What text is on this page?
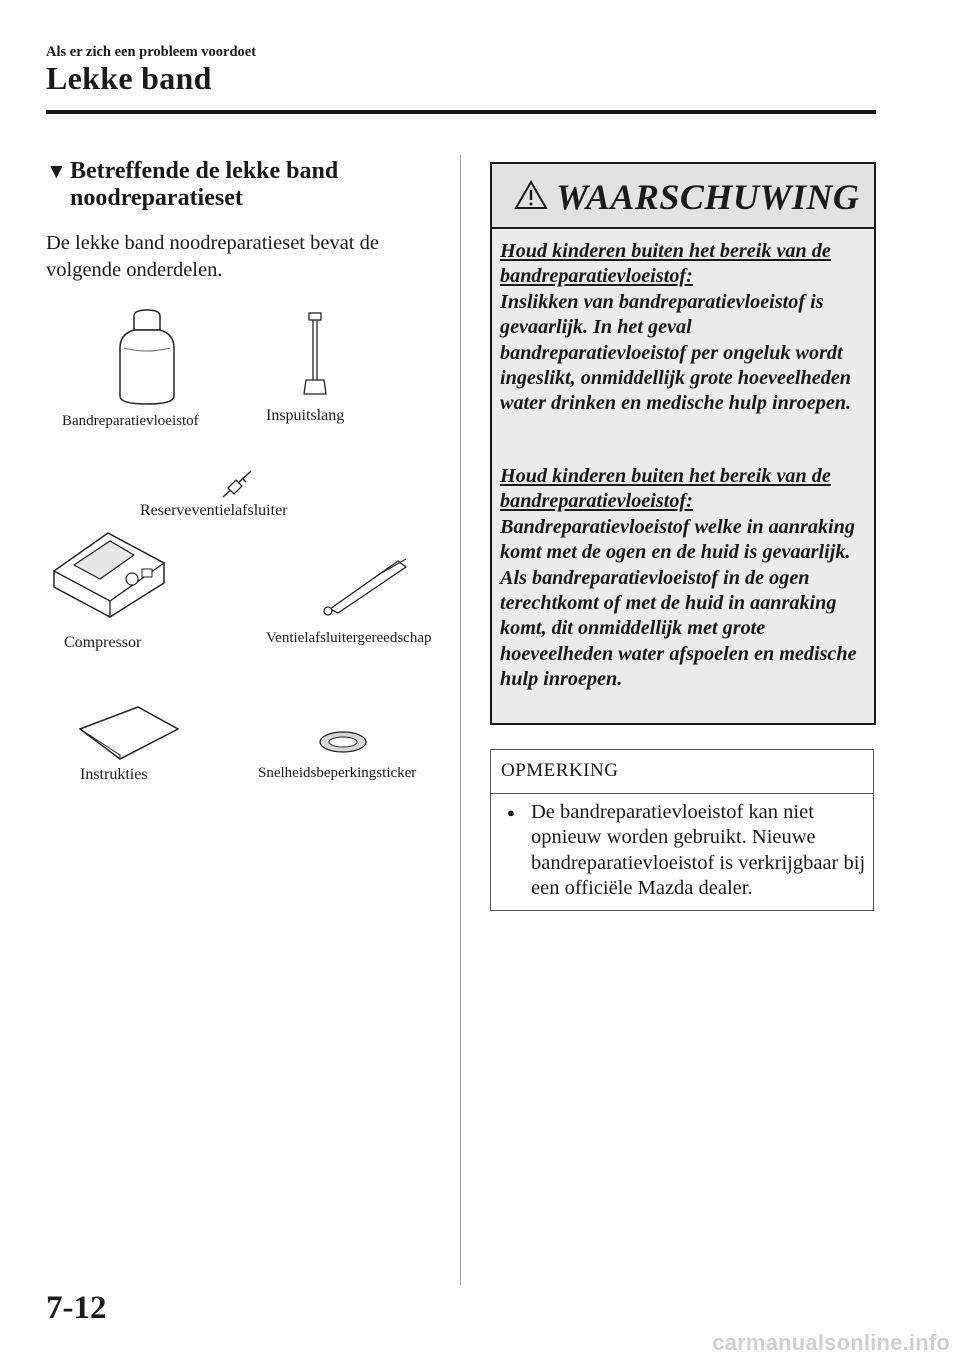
Als er zich een probleem voordoet
Lekke band
▼ Betreffende de lekke band
noodreparatieset
De lekke band noodreparatieset bevat de volgende onderdelen.
Bandreparatievloeistof	Inspuitslang
Reserveventielafsluiter
Compressor	Ventielafsluitergereedschap
Instrukties	Snelheidsbeperkingsticker
WAARSCHUWING
Houd kinderen buiten het bereik van de bandreparatievloeistof:
Inslikken van bandreparatievloeistof is gevaarlijk. In het geval bandreparatievloeistof per ongeluk wordt ingeslikt, onmiddellijk grote hoeveelheden water drinken en medische hulp inroepen.
Houd kinderen buiten het bereik van de bandreparatievloeistof:
Bandreparatievloeistof welke in aanraking komt met de ogen en de huid is gevaarlijk. Als bandreparatievloeistof in de ogen terechtkomt of met de huid in aanraking komt, dit onmiddellijk met grote hoeveelheden water afspoelen en medische hulp inroepen.
OPMERKING
● De bandreparatievloeistof kan niet opnieuw worden gebruikt. Nieuwe bandreparatievloeistof is verkrijgbaar bij een officiële Mazda dealer.
7-12
carmanualsonline.info
